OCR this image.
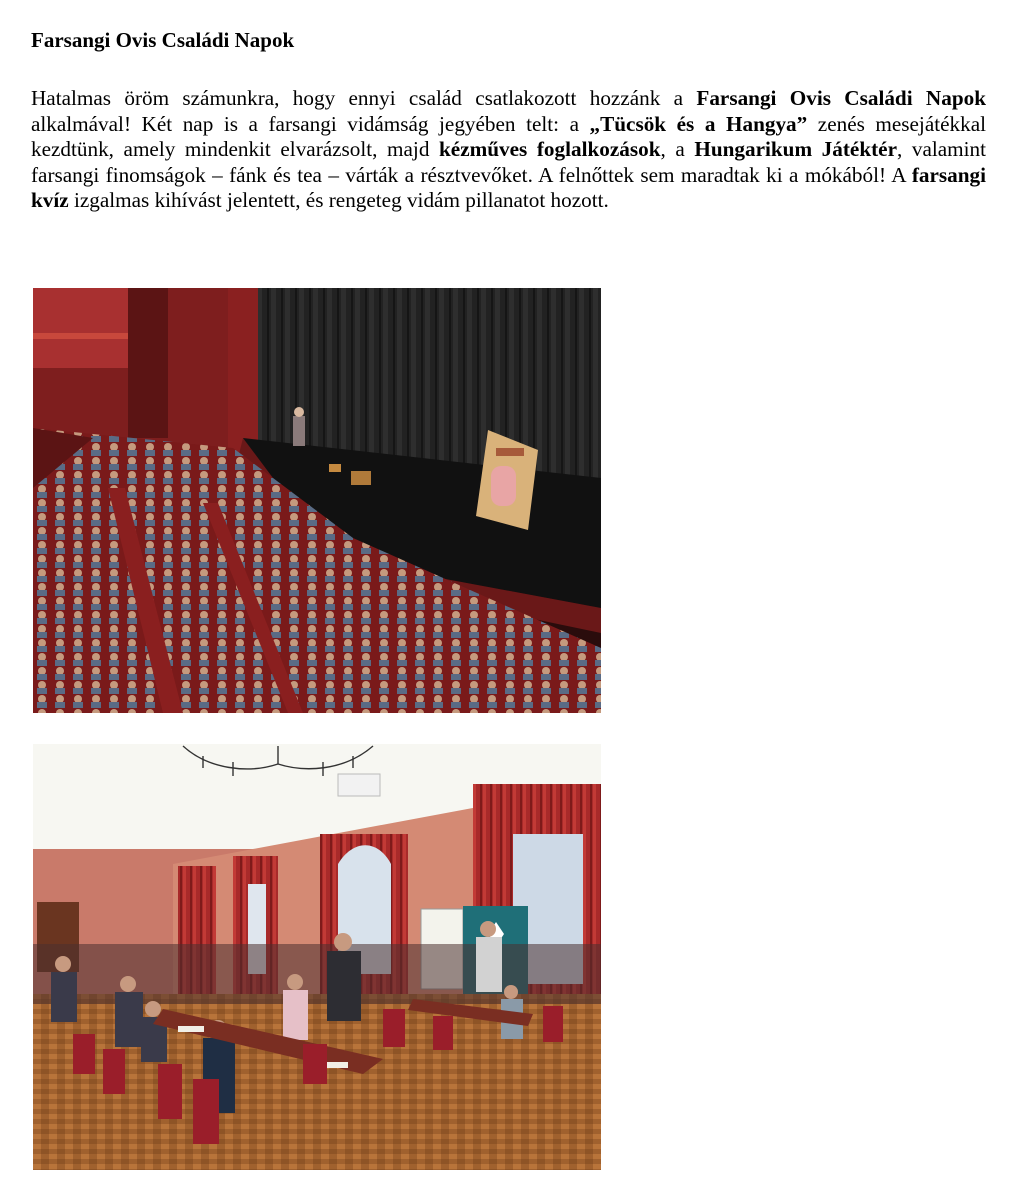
Farsangi Ovis Családi Napok

Hatalmas öröm számunkra, hogy ennyi család csatlakozott hozzánk a Farsangi Ovis Családi Napok alkalmával! Két nap is a farsangi vidámság jegyében telt: a „Tücsök és a Hangya” zenés mesejátékkal kezdtünk, amely mindenkit elvarázsolt, majd kézműves foglalkozások, a Hungarikum Játéktér, valamint farsangi finomságok – fánk és tea – várták a résztvevőket. A felnőttek sem maradtak ki a mókából! A farsangi kvíz izgalmas kihívást jelentett, és rengeteg vidám pillanatot hozott.
